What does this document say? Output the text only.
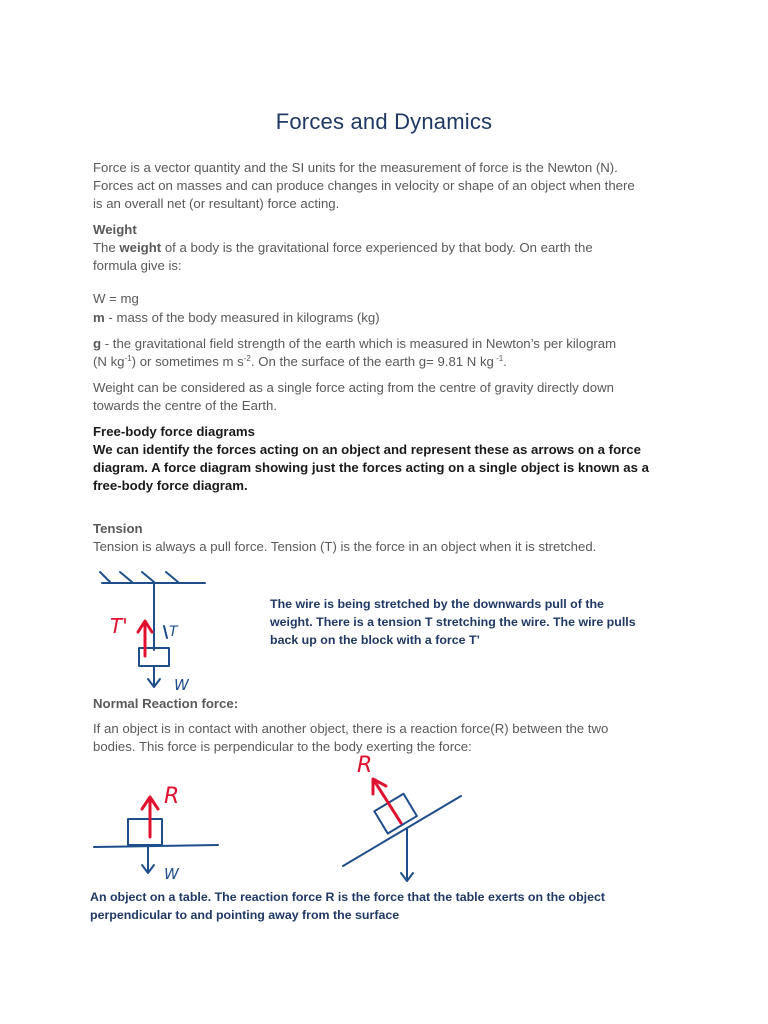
Forces and Dynamics
Force is a vector quantity and the SI units for the measurement of force is the Newton (N).
Forces act on masses and can produce changes in velocity or shape of an object when there
is an overall net (or resultant) force acting.
Weight
The weight of a body is the gravitational force experienced by that body. On earth the
formula give is:
W = mg
m - mass of the body measured in kilograms (kg)
g - the gravitational field strength of the earth which is measured in Newton’s per kilogram
(N $kg^{-1}$) or sometimes m $s^{-2}$. On the surface of the earth g= 9.81 N kg $^{-1}$.
Weight can be considered as a single force acting from the centre of gravity directly down
towards the centre of the Earth.
Free-body force diagrams
We can identify the forces acting on an object and represent these as arrows on a force
diagram. A force diagram showing just the forces acting on a single object is known as a
free-body force diagram.
Tension
Tension is always a pull force. Tension (T) is the force in an object when it is stretched.
T'	T
W
The wire is being stretched by the downwards pull of the
weight. There is a tension T stretching the wire. The wire pulls
back up on the block with a force T’
Normal Reaction force:
If an object is in contact with another object, there is a reaction force(R) between the two
bodies. This force is perpendicular to the body exerting the force:
R
W
R
An object on a table. The reaction force R is the force that the table exerts on the object
perpendicular to and pointing away from the surface
